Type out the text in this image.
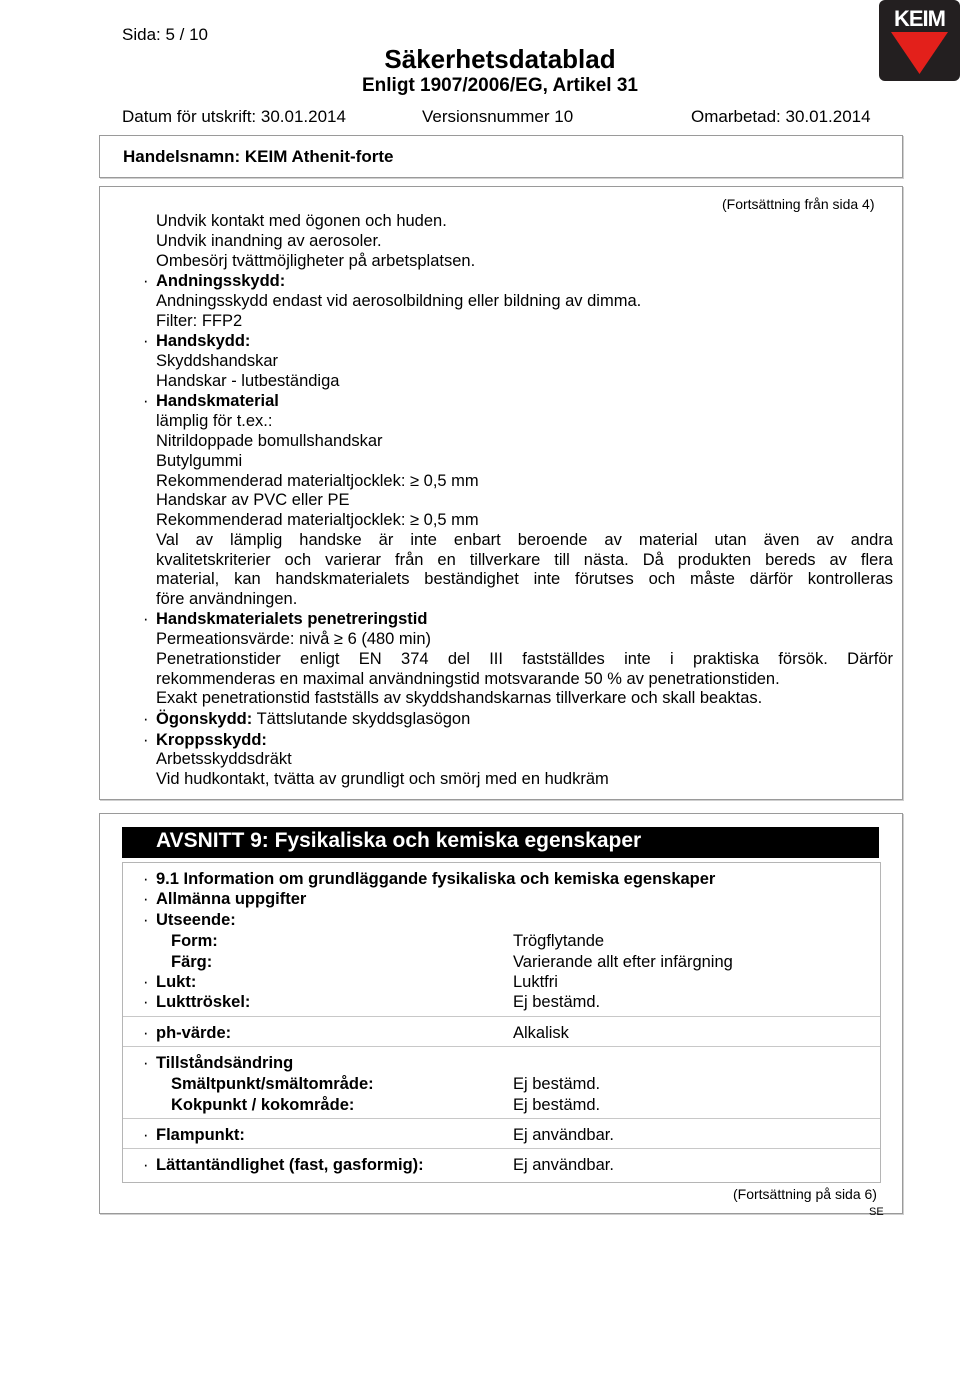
Sida: 5 / 10
Säkerhetsdatablad
Enligt 1907/2006/EG, Artikel 31
KEIM
Datum för utskrift: 30.01.2014	Versionsnummer 10	Omarbetad: 30.01.2014
Handelsnamn: KEIM Athenit-forte
(Fortsättning från sida 4)
Undvik kontakt med ögonen och huden.
Undvik inandning av aerosoler.
Ombesörj tvättmöjligheter på arbetsplatsen.
· Andningsskydd:
Andningsskydd endast vid aerosolbildning eller bildning av dimma.
Filter: FFP2
· Handskydd:
Skyddshandskar
Handskar - lutbeständiga
· Handskmaterial
lämplig för t.ex.:
Nitrildoppade bomullshandskar
Butylgummi
Rekommenderad materialtjocklek: ≥ 0,5 mm
Handskar av PVC eller PE
Rekommenderad materialtjocklek: ≥ 0,5 mm
Val av lämplig handske är inte enbart beroende av material utan även av andra
kvalitetskriterier och varierar från en tillverkare till nästa. Då produkten bereds av flera
material, kan handskmaterialets beständighet inte förutses och måste därför kontrolleras
före användningen.
· Handskmaterialets penetreringstid
Permeationsvärde: nivå ≥ 6 (480 min)
Penetrationstider enligt EN 374 del III fastställdes inte i praktiska försök. Därför
rekommenderas en maximal användningstid motsvarande 50 % av penetrationstiden.
Exakt penetrationstid fastställs av skyddshandskarnas tillverkare och skall beaktas.
· Ögonskydd: Tättslutande skyddsglasögon
· Kroppsskydd:
Arbetsskyddsdräkt
Vid hudkontakt, tvätta av grundligt och smörj med en hudkräm
AVSNITT 9: Fysikaliska och kemiska egenskaper
· 9.1 Information om grundläggande fysikaliska och kemiska egenskaper
· Allmänna uppgifter
· Utseende:
Form:	Trögflytande
Färg:	Varierande allt efter infärgning
· Lukt:	Luktfri
· Lukttröskel:	Ej bestämd.
· ph-värde:	Alkalisk
· Tillståndsändring
Smältpunkt/smältområde:	Ej bestämd.
Kokpunkt / kokområde:	Ej bestämd.
· Flampunkt:	Ej användbar.
· Lättantändlighet (fast, gasformig):	Ej användbar.
(Fortsättning på sida 6)
SE
